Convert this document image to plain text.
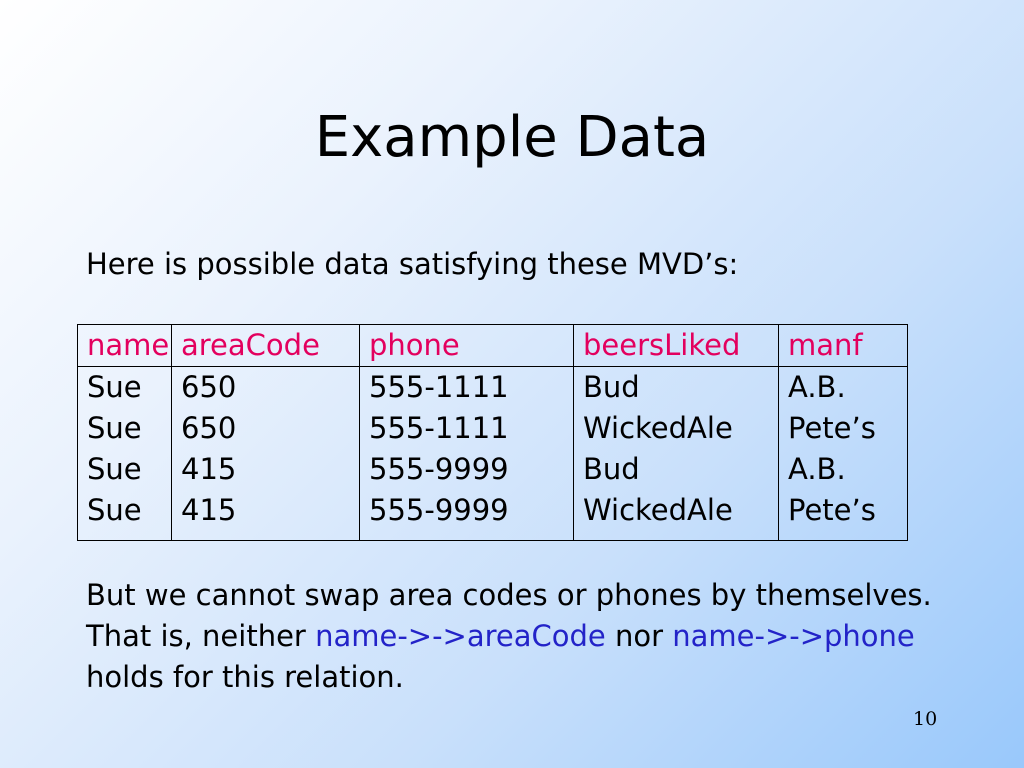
Example Data
Here is possible data satisfying these MVD’s:
name	areaCode	phone	beersLiked	manf
Sue	650	555-1111	Bud	A.B.
Sue	650	555-1111	WickedAle	Pete’s
Sue	415	555-9999	Bud	A.B.
Sue	415	555-9999	WickedAle	Pete’s
But we cannot swap area codes or phones by themselves.
That is, neither name->->areaCode nor name->->phone
holds for this relation.
10
